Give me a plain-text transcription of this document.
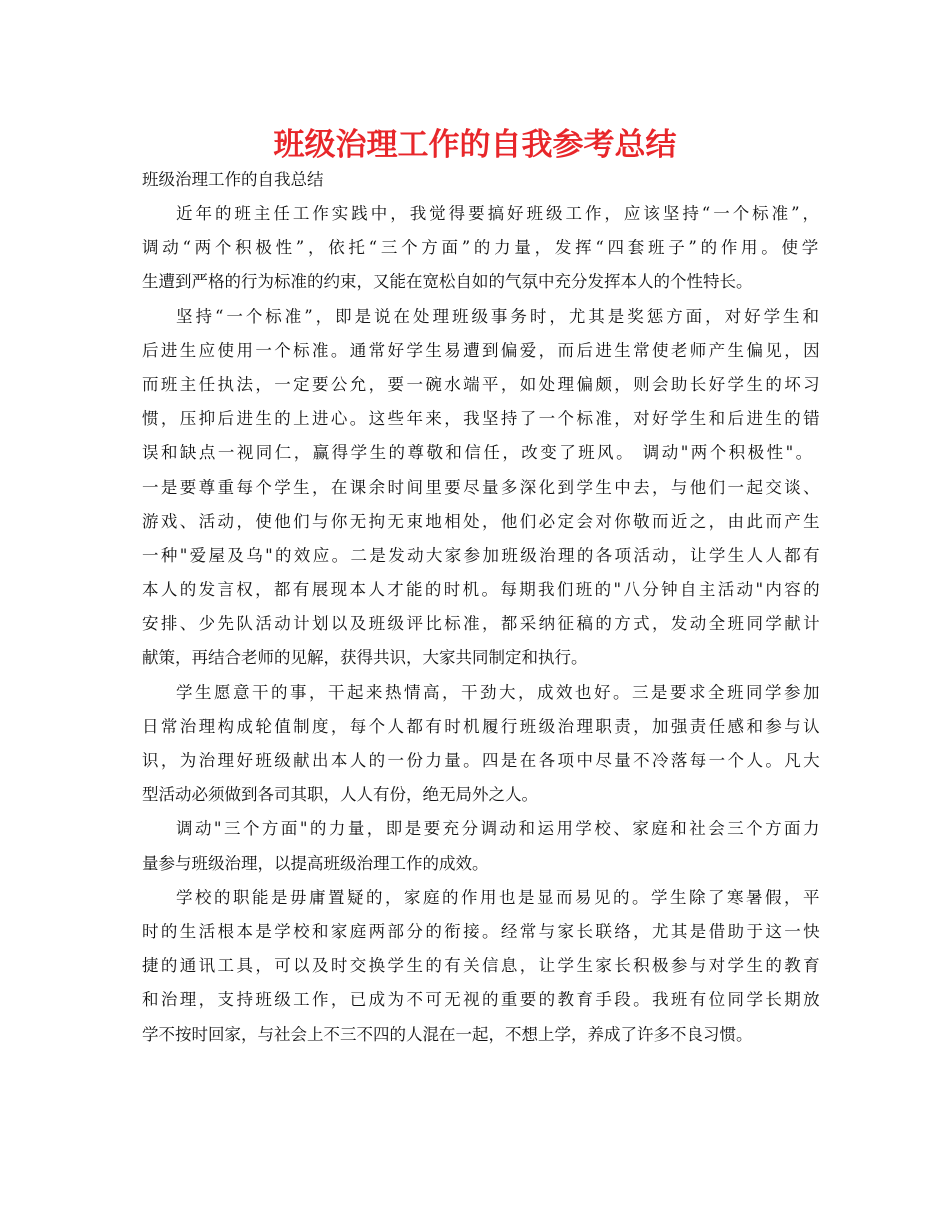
班级治理工作的自我参考总结
班级治理工作的自我总结
近年的班主任工作实践中，我觉得要搞好班级工作，应该坚持“一个标准”，
调动“两个积极性”，依托“三个方面”的力量，发挥“四套班子”的作用。使学
生遭到严格的行为标准的约束，又能在宽松自如的气氛中充分发挥本人的个性特长。
坚持“一个标准”，即是说在处理班级事务时，尤其是奖惩方面，对好学生和
后进生应使用一个标准。通常好学生易遭到偏爱，而后进生常使老师产生偏见，因
而班主任执法，一定要公允，要一碗水端平，如处理偏颇，则会助长好学生的坏习
惯，压抑后进生的上进心。这些年来，我坚持了一个标准，对好学生和后进生的错
误和缺点一视同仁，赢得学生的尊敬和信任，改变了班风。 调动"两个积极性"。
一是要尊重每个学生，在课余时间里要尽量多深化到学生中去，与他们一起交谈、
游戏、活动，使他们与你无拘无束地相处，他们必定会对你敬而近之，由此而产生
一种"爱屋及乌"的效应。二是发动大家参加班级治理的各项活动，让学生人人都有
本人的发言权，都有展现本人才能的时机。每期我们班的"八分钟自主活动"内容的
安排、少先队活动计划以及班级评比标准，都采纳征稿的方式，发动全班同学献计
献策，再结合老师的见解，获得共识，大家共同制定和执行。
学生愿意干的事，干起来热情高，干劲大，成效也好。三是要求全班同学参加
日常治理构成轮值制度，每个人都有时机履行班级治理职责，加强责任感和参与认
识，为治理好班级献出本人的一份力量。四是在各项中尽量不冷落每一个人。凡大
型活动必须做到各司其职，人人有份，绝无局外之人。
调动"三个方面"的力量，即是要充分调动和运用学校、家庭和社会三个方面力
量参与班级治理，以提高班级治理工作的成效。
学校的职能是毋庸置疑的，家庭的作用也是显而易见的。学生除了寒暑假，平
时的生活根本是学校和家庭两部分的衔接。经常与家长联络，尤其是借助于这一快
捷的通讯工具，可以及时交换学生的有关信息，让学生家长积极参与对学生的教育
和治理，支持班级工作，已成为不可无视的重要的教育手段。我班有位同学长期放
学不按时回家，与社会上不三不四的人混在一起，不想上学，养成了许多不良习惯。
